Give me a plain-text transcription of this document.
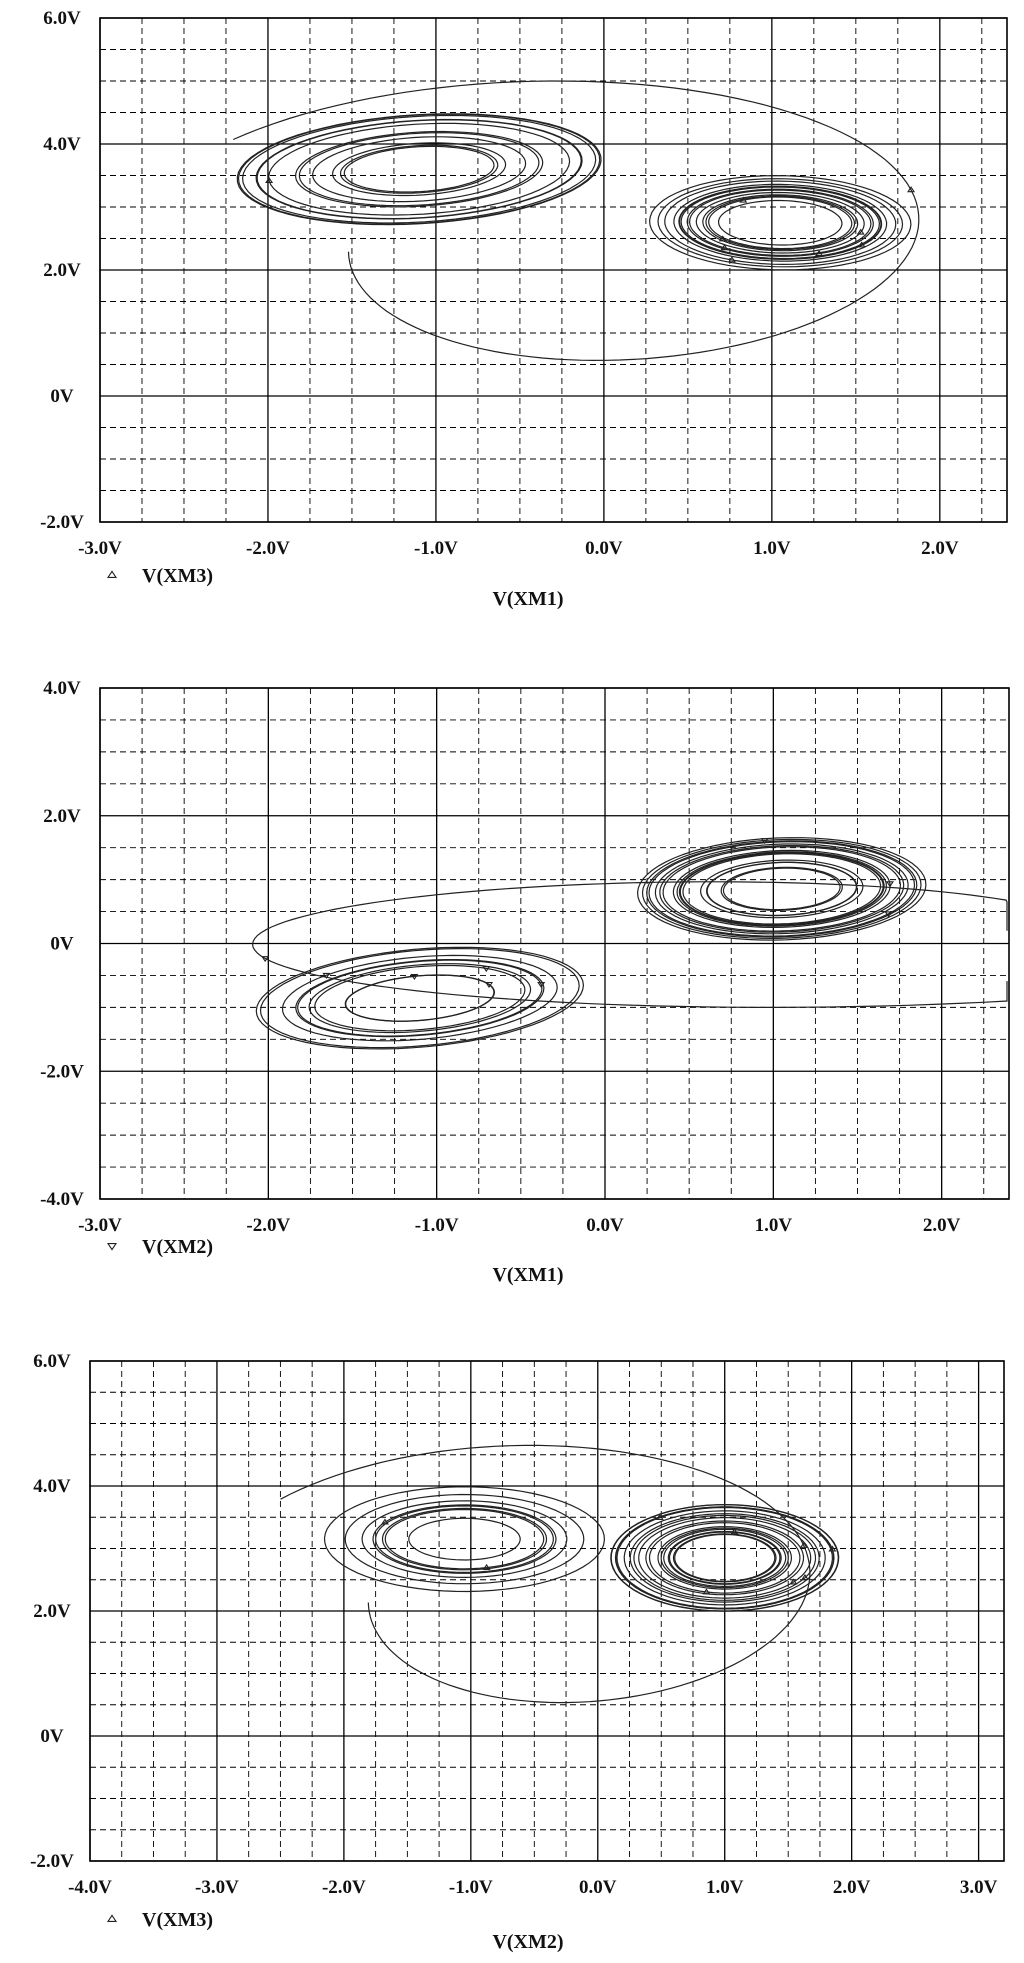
-3.0V	-2.0V	-1.0V	0.0V	1.0V	2.0V
-2.0V
0V
2.0V
4.0V
6.0V
V(XM3)
V(XM1)
-3.0V	-2.0V	-1.0V	0.0V	1.0V	2.0V
-4.0V
-2.0V
0V
2.0V
4.0V
V(XM2)
V(XM1)
-4.0V	-3.0V	-2.0V	-1.0V	0.0V	1.0V	2.0V	3.0V
-2.0V
0V
2.0V
4.0V
6.0V
V(XM3)
V(XM2)
